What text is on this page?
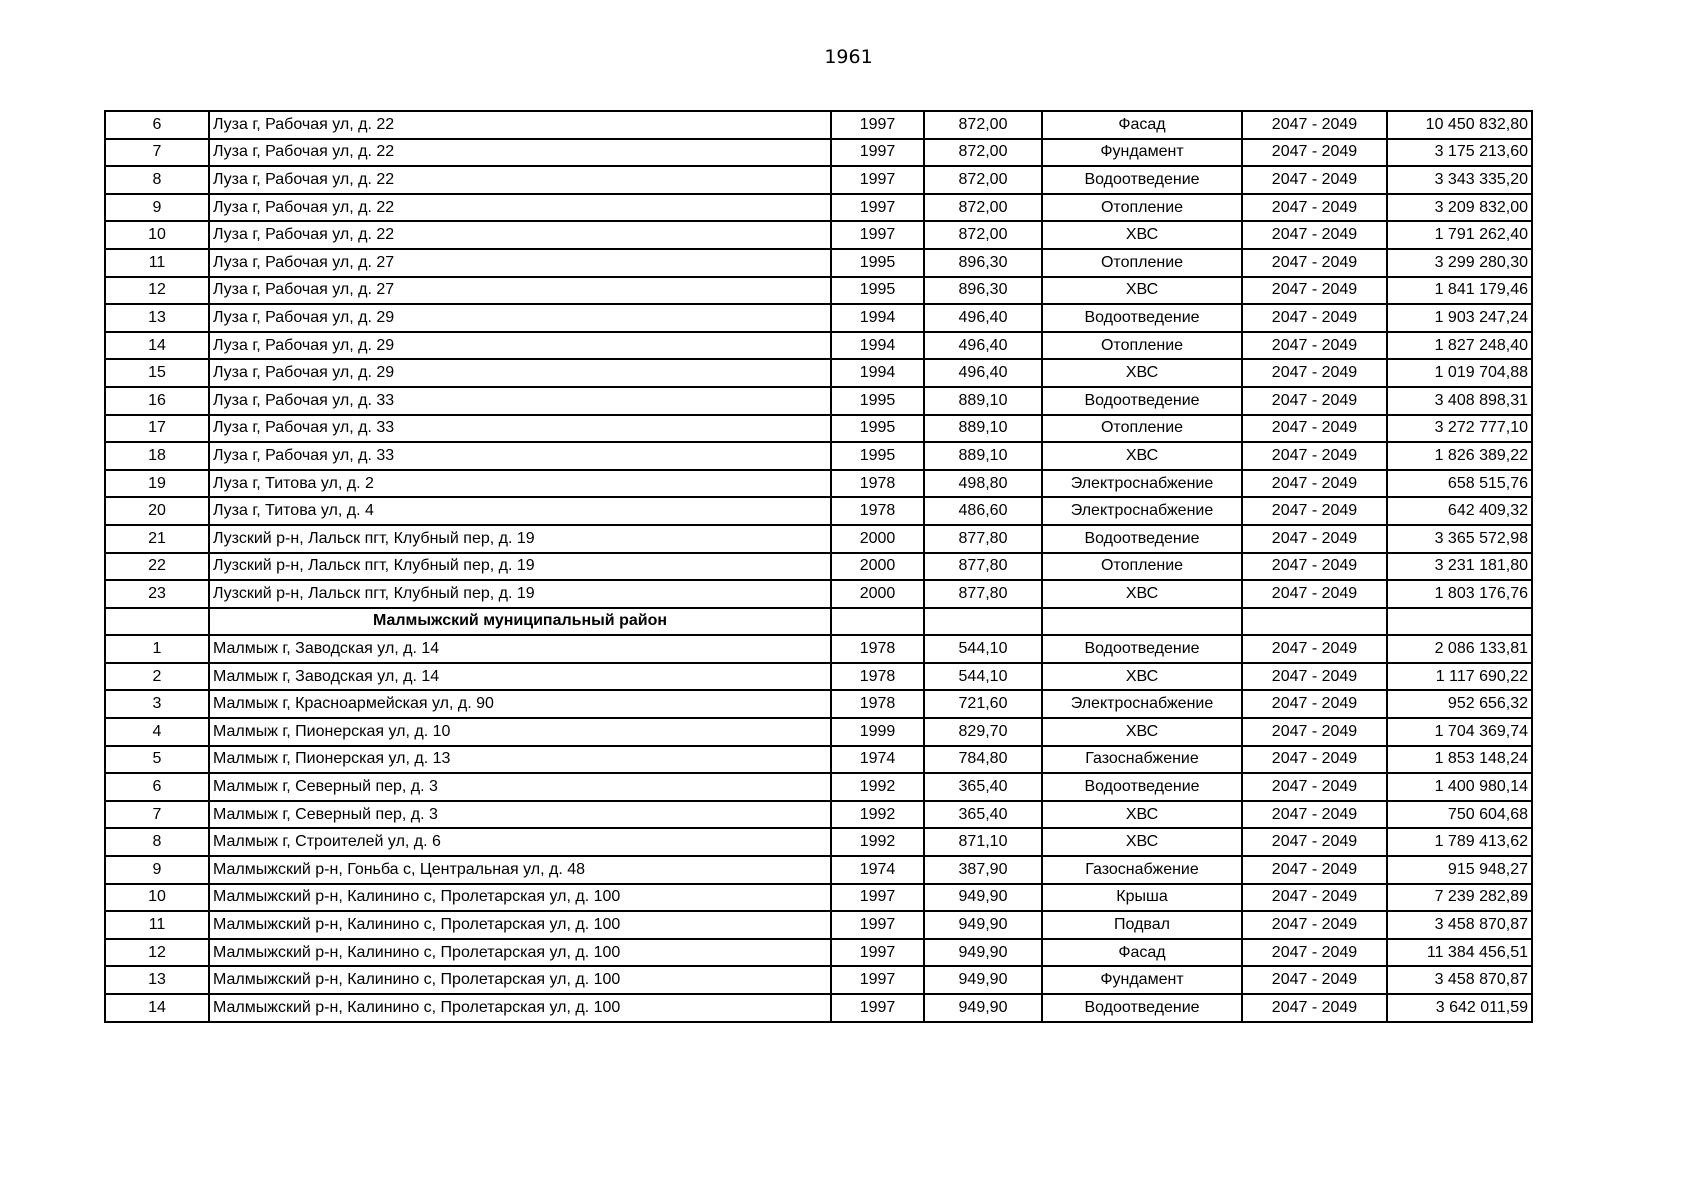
1961
6	Луза г, Рабочая ул, д. 22	1997	872,00	Фасад	2047 - 2049	10 450 832,80
7	Луза г, Рабочая ул, д. 22	1997	872,00	Фундамент	2047 - 2049	3 175 213,60
8	Луза г, Рабочая ул, д. 22	1997	872,00	Водоотведение	2047 - 2049	3 343 335,20
9	Луза г, Рабочая ул, д. 22	1997	872,00	Отопление	2047 - 2049	3 209 832,00
10	Луза г, Рабочая ул, д. 22	1997	872,00	ХВС	2047 - 2049	1 791 262,40
11	Луза г, Рабочая ул, д. 27	1995	896,30	Отопление	2047 - 2049	3 299 280,30
12	Луза г, Рабочая ул, д. 27	1995	896,30	ХВС	2047 - 2049	1 841 179,46
13	Луза г, Рабочая ул, д. 29	1994	496,40	Водоотведение	2047 - 2049	1 903 247,24
14	Луза г, Рабочая ул, д. 29	1994	496,40	Отопление	2047 - 2049	1 827 248,40
15	Луза г, Рабочая ул, д. 29	1994	496,40	ХВС	2047 - 2049	1 019 704,88
16	Луза г, Рабочая ул, д. 33	1995	889,10	Водоотведение	2047 - 2049	3 408 898,31
17	Луза г, Рабочая ул, д. 33	1995	889,10	Отопление	2047 - 2049	3 272 777,10
18	Луза г, Рабочая ул, д. 33	1995	889,10	ХВС	2047 - 2049	1 826 389,22
19	Луза г, Титова ул, д. 2	1978	498,80	Электроснабжение	2047 - 2049	658 515,76
20	Луза г, Титова ул, д. 4	1978	486,60	Электроснабжение	2047 - 2049	642 409,32
21	Лузский р-н, Лальск пгт, Клубный пер, д. 19	2000	877,80	Водоотведение	2047 - 2049	3 365 572,98
22	Лузский р-н, Лальск пгт, Клубный пер, д. 19	2000	877,80	Отопление	2047 - 2049	3 231 181,80
23	Лузский р-н, Лальск пгт, Клубный пер, д. 19	2000	877,80	ХВС	2047 - 2049	1 803 176,76
	Малмыжский муниципальный район					
1	Малмыж г, Заводская ул, д. 14	1978	544,10	Водоотведение	2047 - 2049	2 086 133,81
2	Малмыж г, Заводская ул, д. 14	1978	544,10	ХВС	2047 - 2049	1 117 690,22
3	Малмыж г, Красноармейская ул, д. 90	1978	721,60	Электроснабжение	2047 - 2049	952 656,32
4	Малмыж г, Пионерская ул, д. 10	1999	829,70	ХВС	2047 - 2049	1 704 369,74
5	Малмыж г, Пионерская ул, д. 13	1974	784,80	Газоснабжение	2047 - 2049	1 853 148,24
6	Малмыж г, Северный пер, д. 3	1992	365,40	Водоотведение	2047 - 2049	1 400 980,14
7	Малмыж г, Северный пер, д. 3	1992	365,40	ХВС	2047 - 2049	750 604,68
8	Малмыж г, Строителей ул, д. 6	1992	871,10	ХВС	2047 - 2049	1 789 413,62
9	Малмыжский р-н, Гоньба с, Центральная ул, д. 48	1974	387,90	Газоснабжение	2047 - 2049	915 948,27
10	Малмыжский р-н, Калинино с, Пролетарская ул, д. 100	1997	949,90	Крыша	2047 - 2049	7 239 282,89
11	Малмыжский р-н, Калинино с, Пролетарская ул, д. 100	1997	949,90	Подвал	2047 - 2049	3 458 870,87
12	Малмыжский р-н, Калинино с, Пролетарская ул, д. 100	1997	949,90	Фасад	2047 - 2049	11 384 456,51
13	Малмыжский р-н, Калинино с, Пролетарская ул, д. 100	1997	949,90	Фундамент	2047 - 2049	3 458 870,87
14	Малмыжский р-н, Калинино с, Пролетарская ул, д. 100	1997	949,90	Водоотведение	2047 - 2049	3 642 011,59
